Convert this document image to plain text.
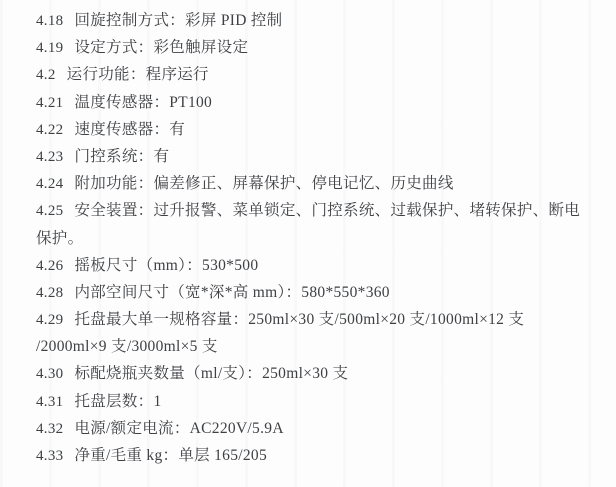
4.18 回旋控制方式：彩屏 PID 控制
4.19 设定方式：彩色触屏设定
4.2 运行功能：程序运行
4.21 温度传感器：PT100
4.22 速度传感器：有
4.23 门控系统：有
4.24 附加功能：偏差修正、屏幕保护、停电记忆、历史曲线
4.25 安全装置：过升报警、菜单锁定、门控系统、过载保护、堵转保护、断电
保护。
4.26 摇板尺寸（mm）：530*500
4.28 内部空间尺寸（宽*深*高 mm）：580*550*360
4.29 托盘最大单一规格容量：250ml×30 支/500ml×20 支/1000ml×12 支
/2000ml×9 支/3000ml×5 支
4.30 标配烧瓶夹数量（ml/支）：250ml×30 支
4.31 托盘层数：1
4.32 电源/额定电流：AC220V/5.9A
4.33 净重/毛重 kg：单层 165/205
